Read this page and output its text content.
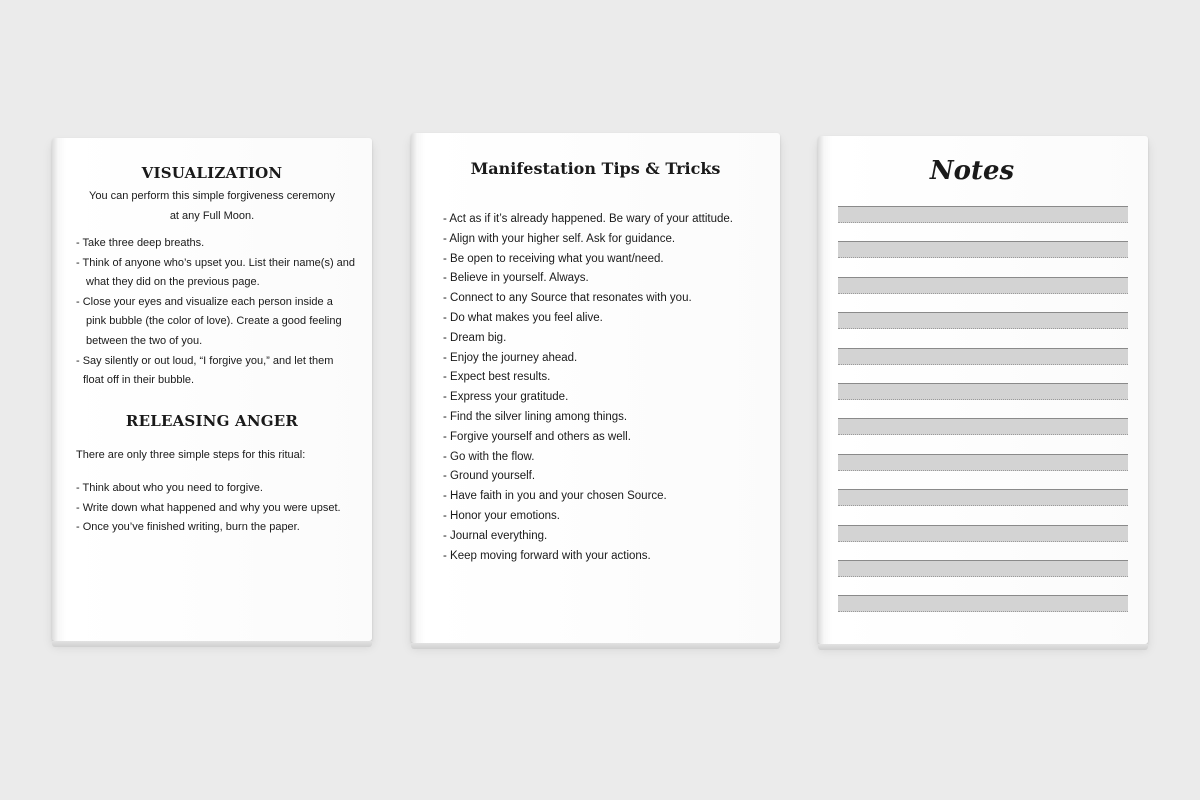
VISUALIZATION
You can perform this simple forgiveness ceremony
at any Full Moon.
- Take three deep breaths.
- Think of anyone who’s upset you. List their name(s) and
what they did on the previous page.
- Close your eyes and visualize each person inside a
pink bubble (the color of love). Create a good feeling
between the two of you.
- Say silently or out loud, “I forgive you,” and let them
float off in their bubble.
RELEASING ANGER
There are only three simple steps for this ritual:
- Think about who you need to forgive.
- Write down what happened and why you were upset.
- Once you’ve finished writing, burn the paper.
Manifestation Tips & Tricks
- Act as if it’s already happened. Be wary of your attitude.
- Align with your higher self. Ask for guidance.
- Be open to receiving what you want/need.
- Believe in yourself. Always.
- Connect to any Source that resonates with you.
- Do what makes you feel alive.
- Dream big.
- Enjoy the journey ahead.
- Expect best results.
- Express your gratitude.
- Find the silver lining among things.
- Forgive yourself and others as well.
- Go with the flow.
- Ground yourself.
- Have faith in you and your chosen Source.
- Honor your emotions.
- Journal everything.
- Keep moving forward with your actions.
Notes
